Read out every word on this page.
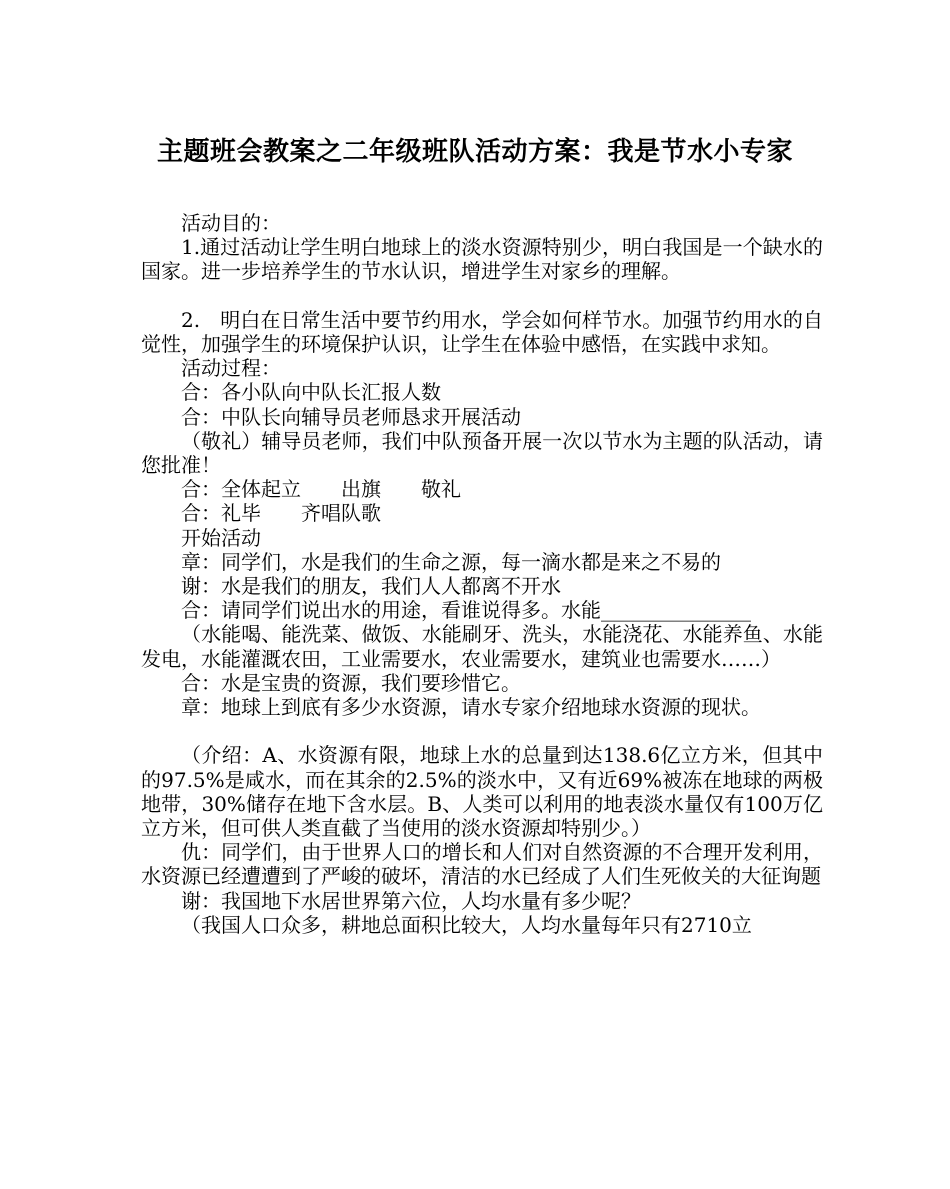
主题班会教案之二年级班队活动方案：我是节水小专家

活动目的：

1.通过活动让学生明白地球上的淡水资源特别少，明白我国是一个缺水的国家。进一步培养学生的节水认识，增进学生对家乡的理解。

2.　明白在日常生活中要节约用水，学会如何样节水。加强节约用水的自觉性，加强学生的环境保护认识，让学生在体验中感悟，在实践中求知。

活动过程：

合：各小队向中队长汇报人数

合：中队长向辅导员老师恳求开展活动

（敬礼）辅导员老师，我们中队预备开展一次以节水为主题的队活动，请您批准！

合：全体起立　　出旗　　敬礼

合：礼毕　　齐唱队歌

开始活动

章：同学们，水是我们的生命之源，每一滴水都是来之不易的

谢：水是我们的朋友，我们人人都离不开水

合：请同学们说出水的用途，看谁说得多。水能_______________

（水能喝、能洗菜、做饭、水能刷牙、洗头，水能浇花、水能养鱼、水能发电，水能灌溉农田，工业需要水，农业需要水，建筑业也需要水……）

合：水是宝贵的资源，我们要珍惜它。

章：地球上到底有多少水资源，请水专家介绍地球水资源的现状。

（介绍：A、水资源有限，地球上水的总量到达138.6亿立方米，但其中的97.5%是咸水，而在其余的2.5%的淡水中，又有近69%被冻在地球的两极地带，30%储存在地下含水层。B、人类可以利用的地表淡水量仅有100万亿立方米，但可供人类直截了当使用的淡水资源却特别少。）

仇：同学们，由于世界人口的增长和人们对自然资源的不合理开发利用，水资源已经遭遭到了严峻的破坏，清洁的水已经成了人们生死攸关的大征询题

谢：我国地下水居世界第六位，人均水量有多少呢？

（我国人口众多，耕地总面积比较大，人均水量每年只有2710立
